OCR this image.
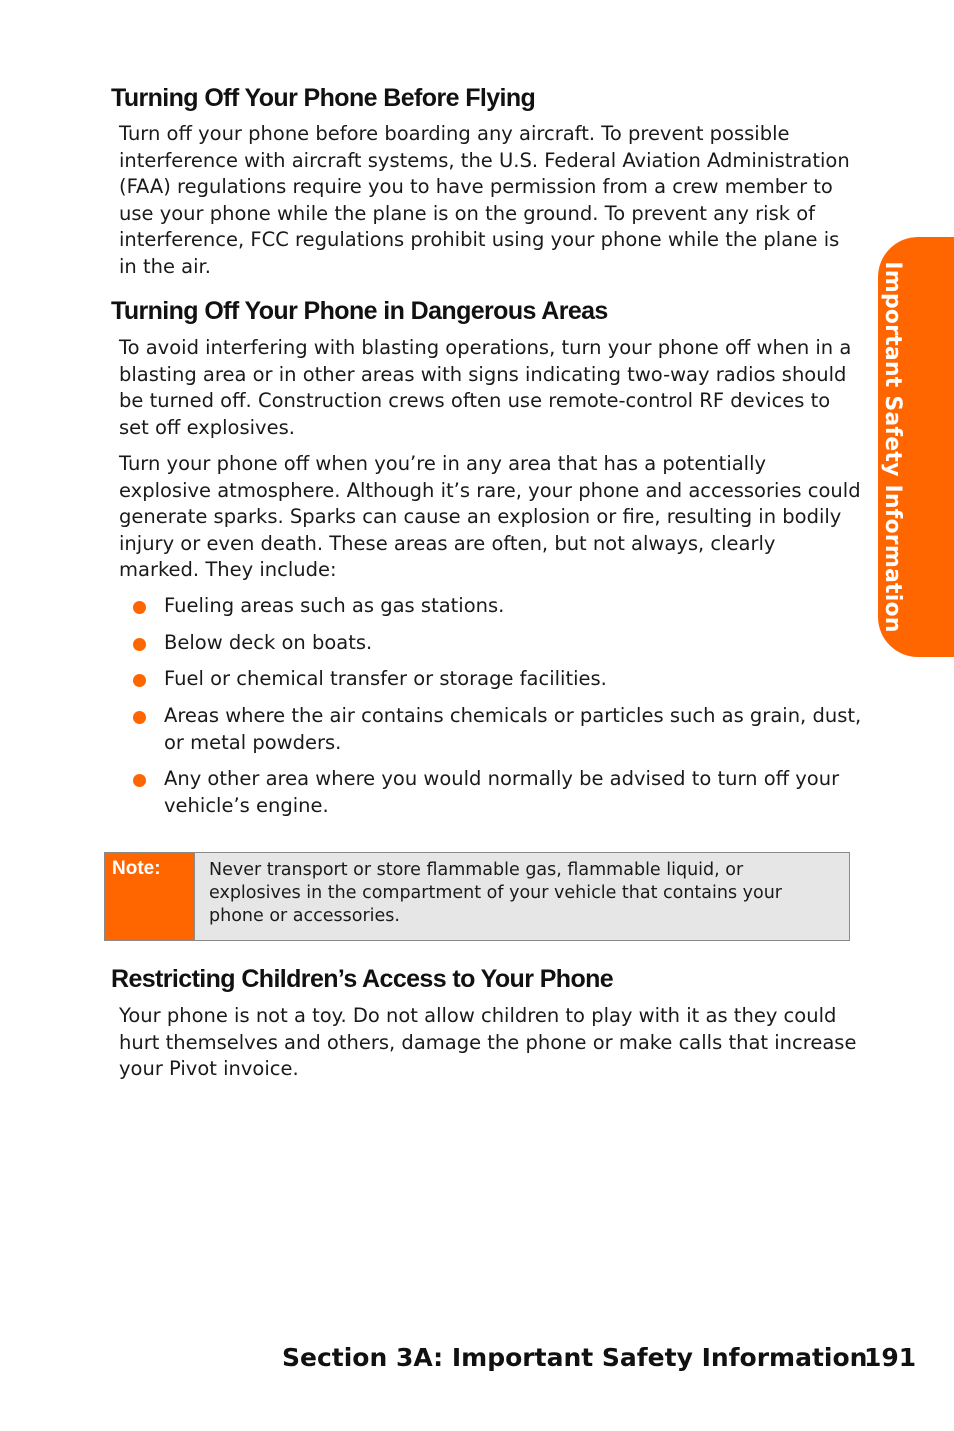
Turning Off Your Phone Before Flying

Turn off your phone before boarding any aircraft. To prevent possible interference with aircraft systems, the U.S. Federal Aviation Administration (FAA) regulations require you to have permission from a crew member to use your phone while the plane is on the ground. To prevent any risk of interference, FCC regulations prohibit using your phone while the plane is in the air.

Turning Off Your Phone in Dangerous Areas

To avoid interfering with blasting operations, turn your phone off when in a blasting area or in other areas with signs indicating two-way radios should be turned off. Construction crews often use remote-control RF devices to set off explosives.

Turn your phone off when you’re in any area that has a potentially explosive atmosphere. Although it’s rare, your phone and accessories could generate sparks. Sparks can cause an explosion or fire, resulting in bodily injury or even death. These areas are often, but not always, clearly marked. They include:

Fueling areas such as gas stations.
Below deck on boats.
Fuel or chemical transfer or storage facilities.
Areas where the air contains chemicals or particles such as grain, dust, or metal powders.
Any other area where you would normally be advised to turn off your vehicle’s engine.
Note:	Never transport or store flammable gas, flammable liquid, or explosives in the compartment of your vehicle that contains your phone or accessories.
Restricting Children’s Access to Your Phone

Your phone is not a toy. Do not allow children to play with it as they could hurt themselves and others, damage the phone or make calls that increase your Pivot invoice.

Important Safety Information
Section 3A: Important Safety Information
191
